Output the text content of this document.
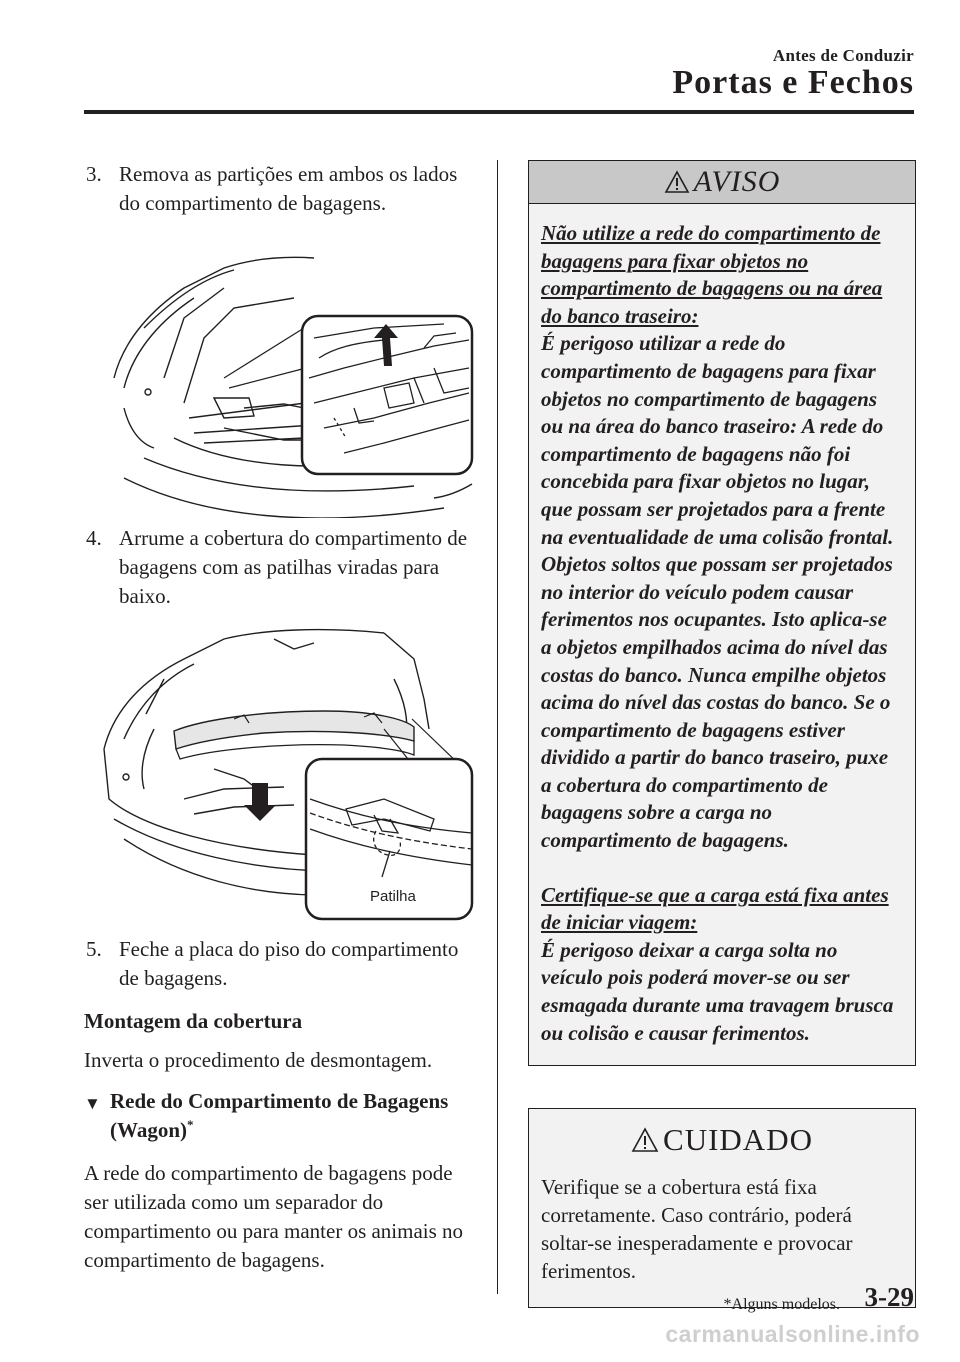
Antes de Conduzir
Portas e Fechos
3. Remova as partições em ambos os lados do compartimento de bagagens.
4. Arrume a cobertura do compartimento de bagagens com as patilhas viradas para baixo.
Patilha
5. Feche a placa do piso do compartimento de bagagens.

Montagem da cobertura

Inverta o procedimento de desmontagem.

▼ Rede do Compartimento de Bagagens (Wagon)*

A rede do compartimento de bagagens pode ser utilizada como um separador do compartimento ou para manter os animais no compartimento de bagagens.

AVISO

Não utilize a rede do compartimento de bagagens para fixar objetos no compartimento de bagagens ou na área do banco traseiro:

É perigoso utilizar a rede do compartimento de bagagens para fixar objetos no compartimento de bagagens ou na área do banco traseiro: A rede do compartimento de bagagens não foi concebida para fixar objetos no lugar, que possam ser projetados para a frente na eventualidade de uma colisão frontal. Objetos soltos que possam ser projetados no interior do veículo podem causar ferimentos nos ocupantes. Isto aplica-se a objetos empilhados acima do nível das costas do banco. Nunca empilhe objetos acima do nível das costas do banco. Se o compartimento de bagagens estiver dividido a partir do banco traseiro, puxe a cobertura do compartimento de bagagens sobre a carga no compartimento de bagagens.

Certifique-se que a carga está fixa antes de iniciar viagem:

É perigoso deixar a carga solta no veículo pois poderá mover-se ou ser esmagada durante uma travagem brusca ou colisão e causar ferimentos.

CUIDADO
Verifique se a cobertura está fixa corretamente. Caso contrário, poderá soltar-se inesperadamente e provocar ferimentos.
*Alguns modelos. 3-29
carmanualsonline.info
